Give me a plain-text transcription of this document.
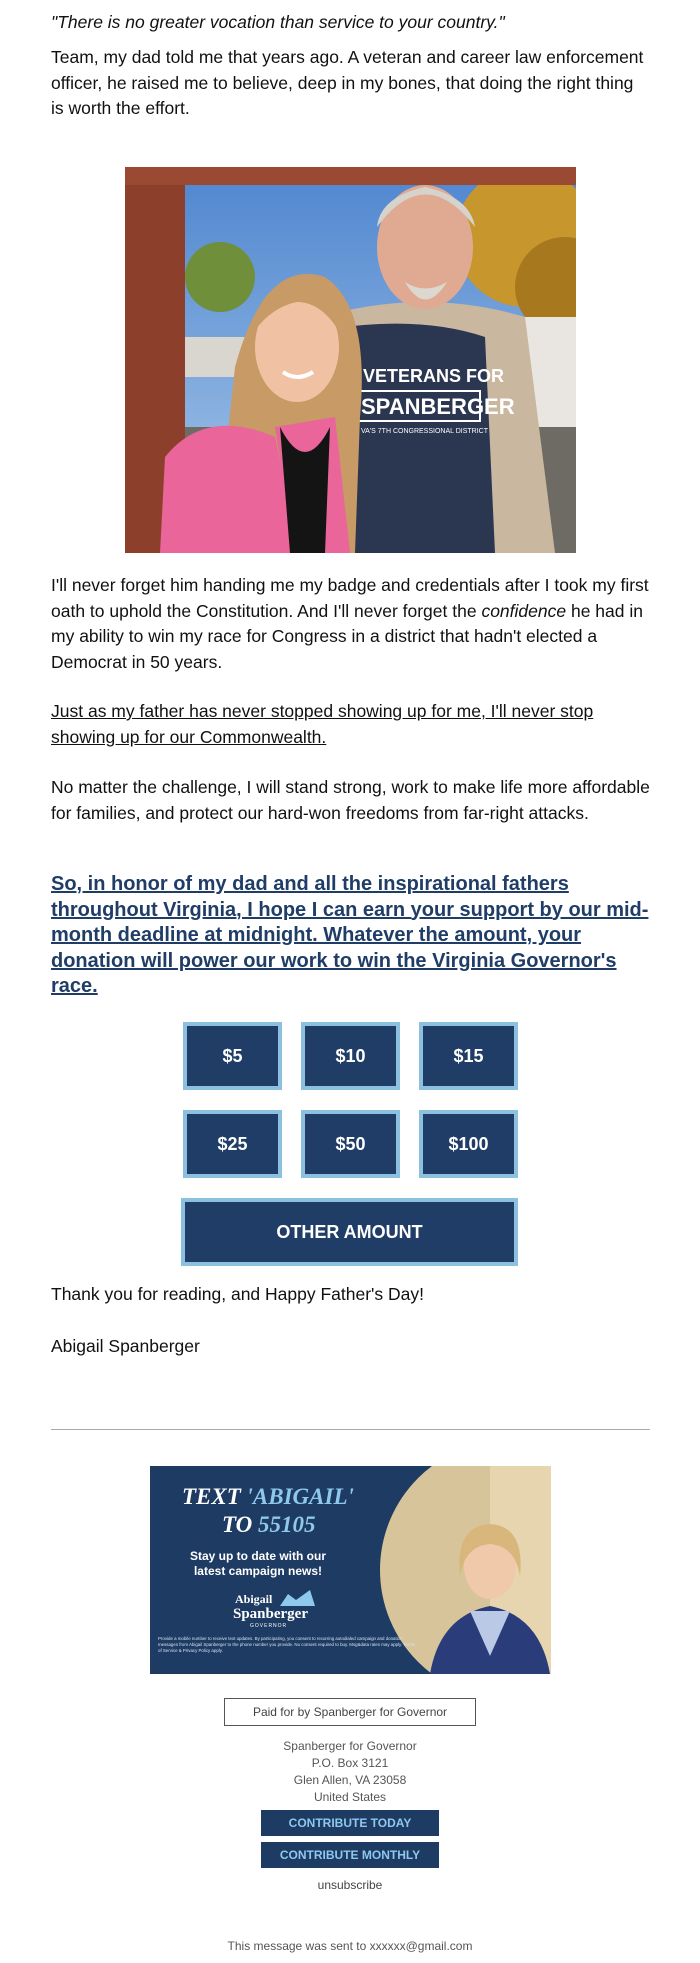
"There is no greater vocation than service to your country."

Team, my dad told me that years ago. A veteran and career law enforcement officer, he raised me to believe, deep in my bones, that doing the right thing is worth the effort.

VETERANS FOR
SPANBERGER
VA'S 7TH CONGRESSIONAL DISTRICT

I'll never forget him handing me my badge and credentials after I took my first oath to uphold the Constitution. And I'll never forget the confidence he had in my ability to win my race for Congress in a district that hadn't elected a Democrat in 50 years.

Just as my father has never stopped showing up for me, I'll never stop showing up for our Commonwealth.

No matter the challenge, I will stand strong, work to make life more affordable for families, and protect our hard-won freedoms from far-right attacks.

So, in honor of my dad and all the inspirational fathers throughout Virginia, I hope I can earn your support by our mid-month deadline at midnight. Whatever the amount, your donation will power our work to win the Virginia Governor's race.
$5	$10	$15
$25	$50	$100
OTHER AMOUNT

Thank you for reading, and Happy Father's Day!

Abigail Spanberger

TEXT 'ABIGAIL'
TO 55105
Stay up to date with our
latest campaign news!
Abigail
Spanberger
GOVERNOR
Provide a mobile number to receive text updates. By participating, you consent to recurring autodialed campaign and donation messages from Abigail Spanberger to the phone number you provide. No consent required to buy. Msg&data rates may apply. Terms of Service & Privacy Policy apply.
Paid for by Spanberger for Governor
Spanberger for Governor
P.O. Box 3121
Glen Allen, VA 23058
United States
CONTRIBUTE TODAY
CONTRIBUTE MONTHLY
unsubscribe
This message was sent to xxxxxx@gmail.com
